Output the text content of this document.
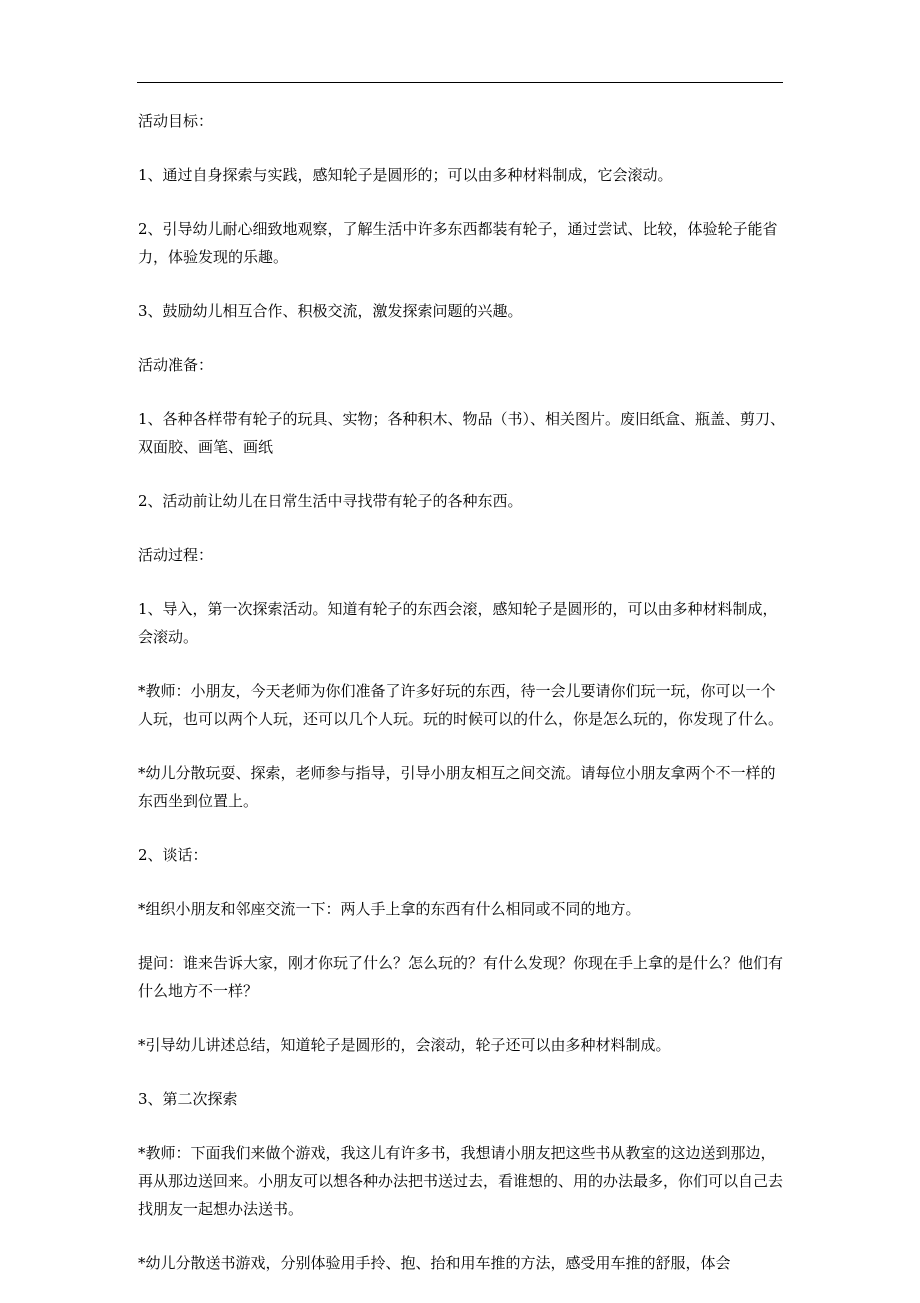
活动目标：

1、通过自身探索与实践，感知轮子是圆形的；可以由多种材料制成，它会滚动。

2、引导幼儿耐心细致地观察，了解生活中许多东西都装有轮子，通过尝试、比较，体验轮子能省力，体验发现的乐趣。

3、鼓励幼儿相互合作、积极交流，激发探索问题的兴趣。

活动准备：

1、各种各样带有轮子的玩具、实物；各种积木、物品（书）、相关图片。废旧纸盒、瓶盖、剪刀、双面胶、画笔、画纸

2、活动前让幼儿在日常生活中寻找带有轮子的各种东西。

活动过程：

1、导入，第一次探索活动。知道有轮子的东西会滚，感知轮子是圆形的，可以由多种材料制成，会滚动。

*教师：小朋友，今天老师为你们准备了许多好玩的东西，待一会儿要请你们玩一玩，你可以一个人玩，也可以两个人玩，还可以几个人玩。玩的时候可以的什么，你是怎么玩的，你发现了什么。

*幼儿分散玩耍、探索，老师参与指导，引导小朋友相互之间交流。请每位小朋友拿两个不一样的东西坐到位置上。

2、谈话：

*组织小朋友和邻座交流一下：两人手上拿的东西有什么相同或不同的地方。

提问：谁来告诉大家，刚才你玩了什么？怎么玩的？有什么发现？你现在手上拿的是什么？他们有什么地方不一样？

*引导幼儿讲述总结，知道轮子是圆形的，会滚动，轮子还可以由多种材料制成。

3、第二次探索

*教师：下面我们来做个游戏，我这儿有许多书，我想请小朋友把这些书从教室的这边送到那边，再从那边送回来。小朋友可以想各种办法把书送过去，看谁想的、用的办法最多，你们可以自己去找朋友一起想办法送书。

*幼儿分散送书游戏，分别体验用手拎、抱、抬和用车推的方法，感受用车推的舒服，体会
